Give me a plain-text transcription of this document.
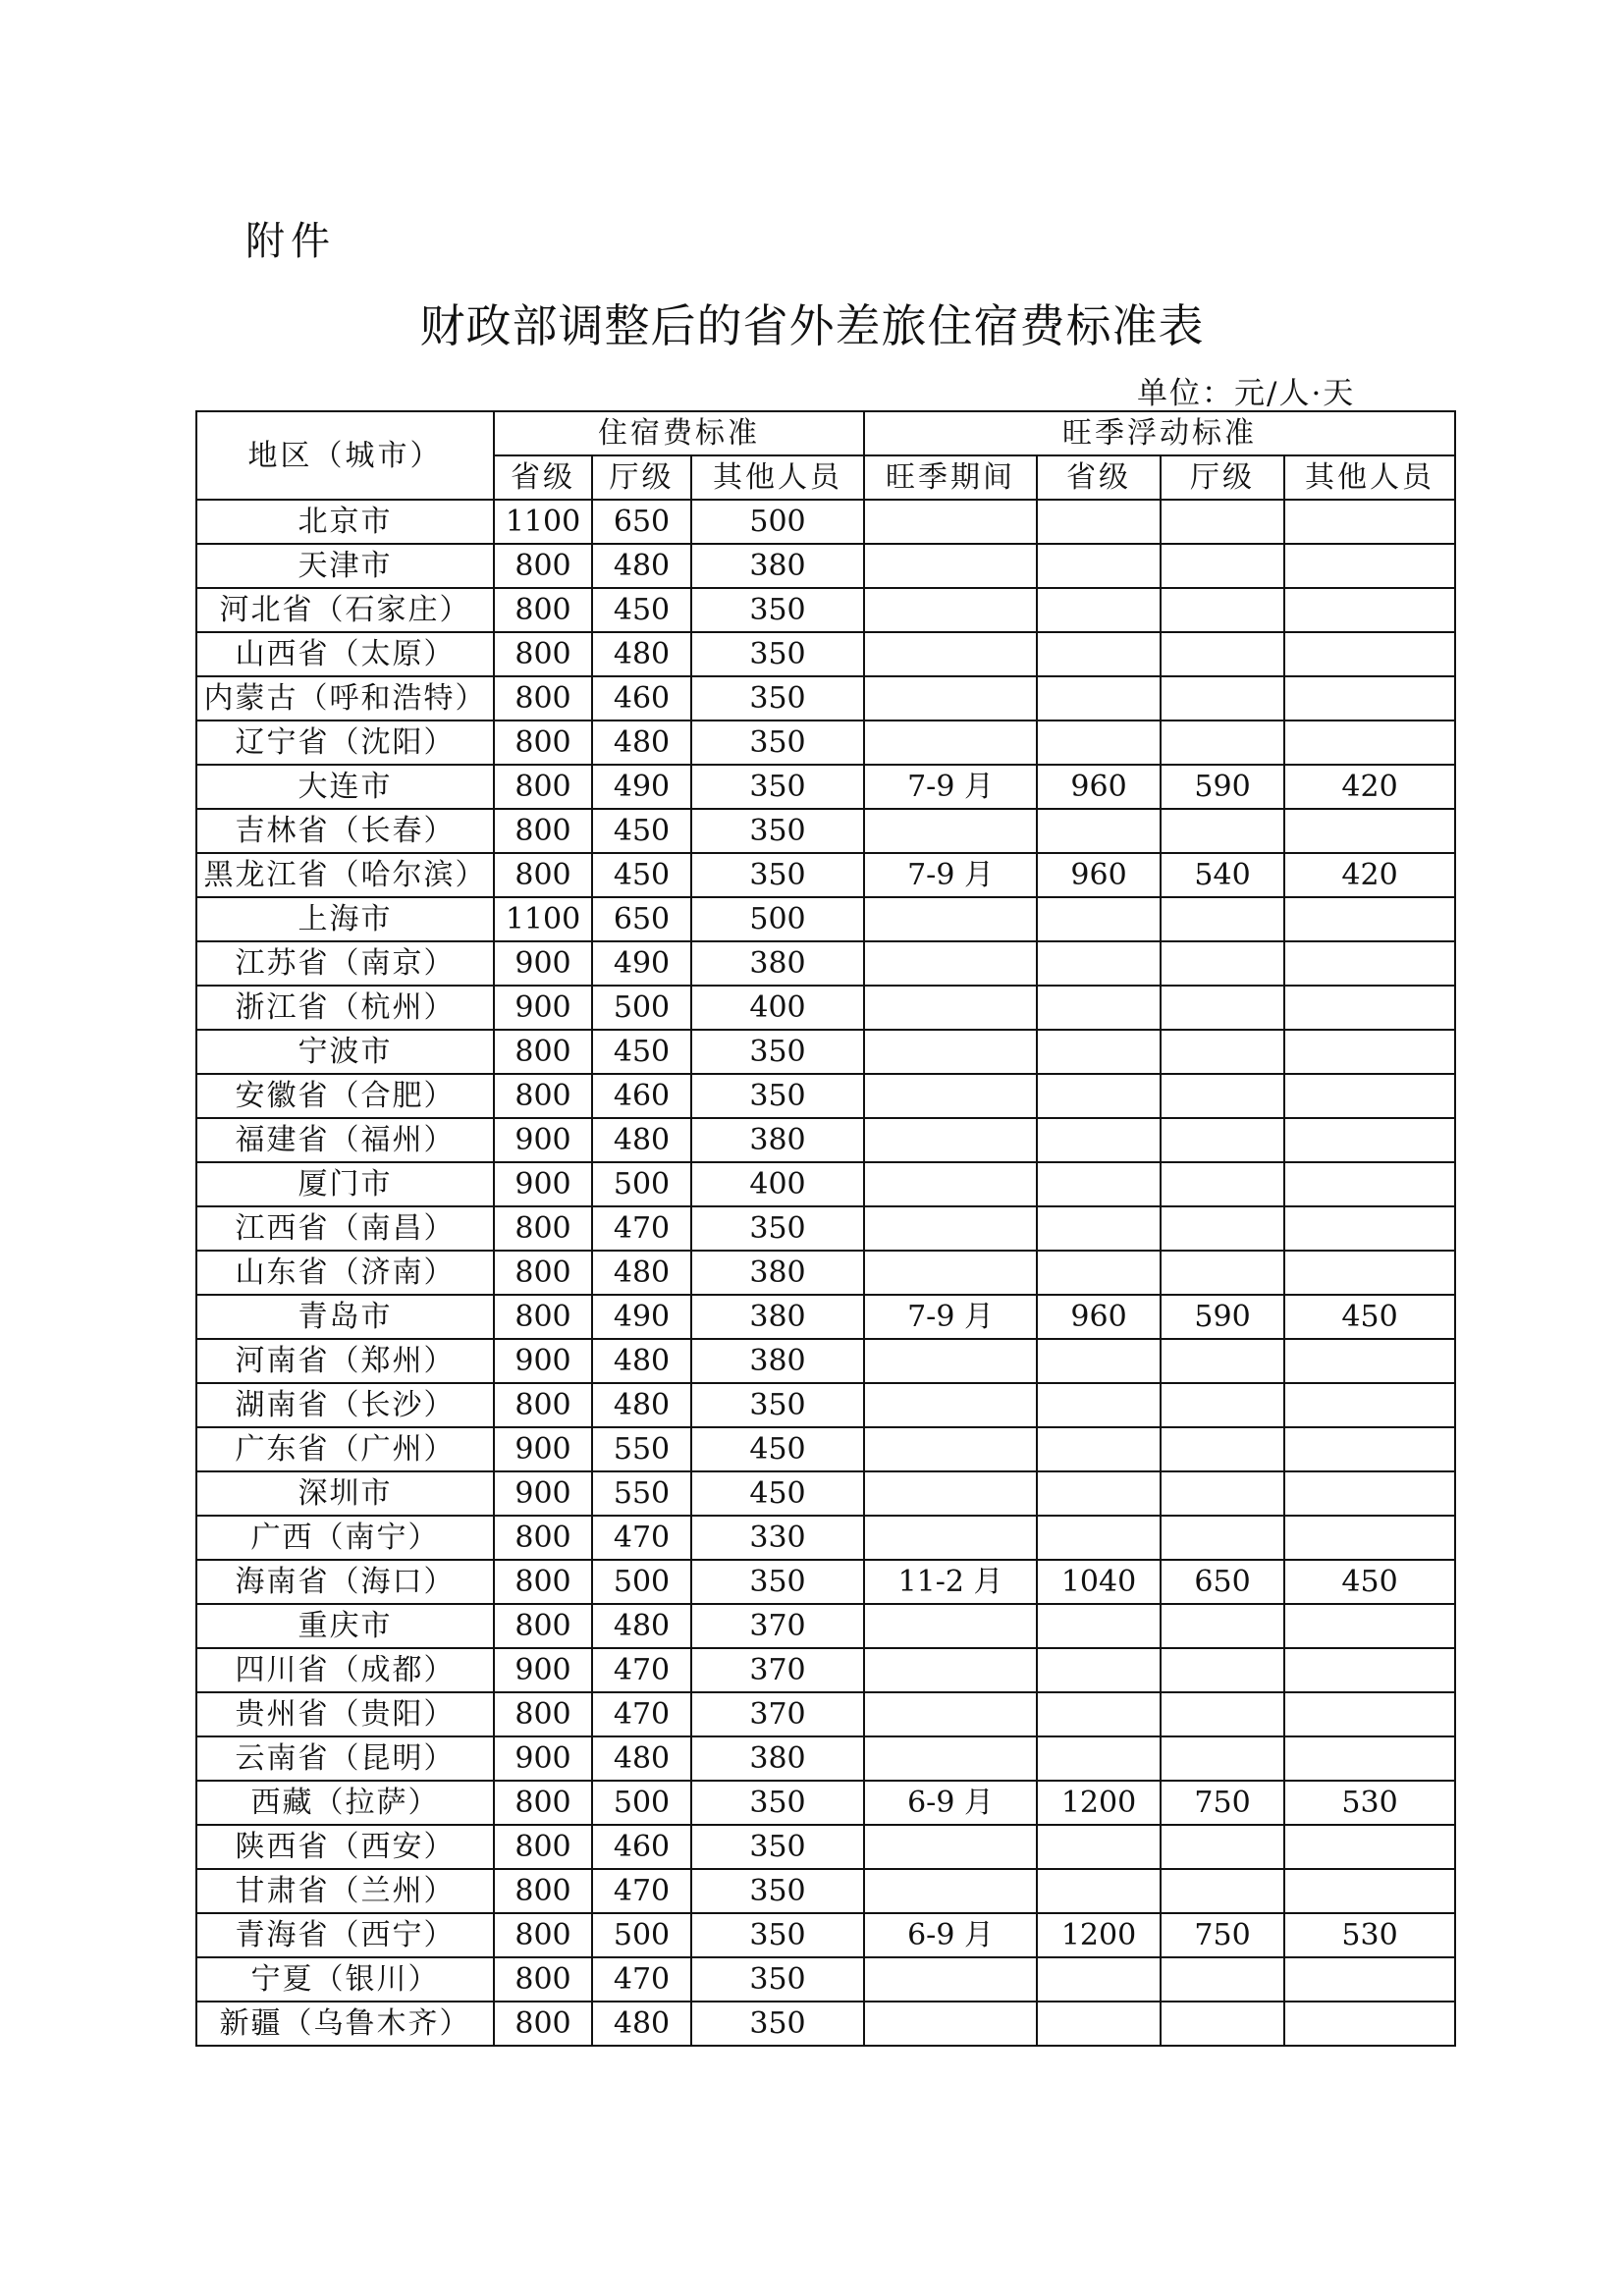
附件
财政部调整后的省外差旅住宿费标准表
单位：元/人·天
地区（城市）	住宿费标准			旺季浮动标准			
	省级	厅级	其他人员	旺季期间	省级	厅级	其他人员
北京市	1100	650	500				
天津市	800	480	380				
河北省（石家庄）	800	450	350				
山西省（太原）	800	480	350				
内蒙古（呼和浩特）	800	460	350				
辽宁省（沈阳）	800	480	350				
大连市	800	490	350	7-9 月	960	590	420
吉林省（长春）	800	450	350				
黑龙江省（哈尔滨）	800	450	350	7-9 月	960	540	420
上海市	1100	650	500				
江苏省（南京）	900	490	380				
浙江省（杭州）	900	500	400				
宁波市	800	450	350				
安徽省（合肥）	800	460	350				
福建省（福州）	900	480	380				
厦门市	900	500	400				
江西省（南昌）	800	470	350				
山东省（济南）	800	480	380				
青岛市	800	490	380	7-9 月	960	590	450
河南省（郑州）	900	480	380				
湖南省（长沙）	800	480	350				
广东省（广州）	900	550	450				
深圳市	900	550	450				
广西（南宁）	800	470	330				
海南省（海口）	800	500	350	11-2 月	1040	650	450
重庆市	800	480	370				
四川省（成都）	900	470	370				
贵州省（贵阳）	800	470	370				
云南省（昆明）	900	480	380				
西藏（拉萨）	800	500	350	6-9 月	1200	750	530
陕西省（西安）	800	460	350				
甘肃省（兰州）	800	470	350				
青海省（西宁）	800	500	350	6-9 月	1200	750	530
宁夏（银川）	800	470	350				
新疆（乌鲁木齐）	800	480	350				
